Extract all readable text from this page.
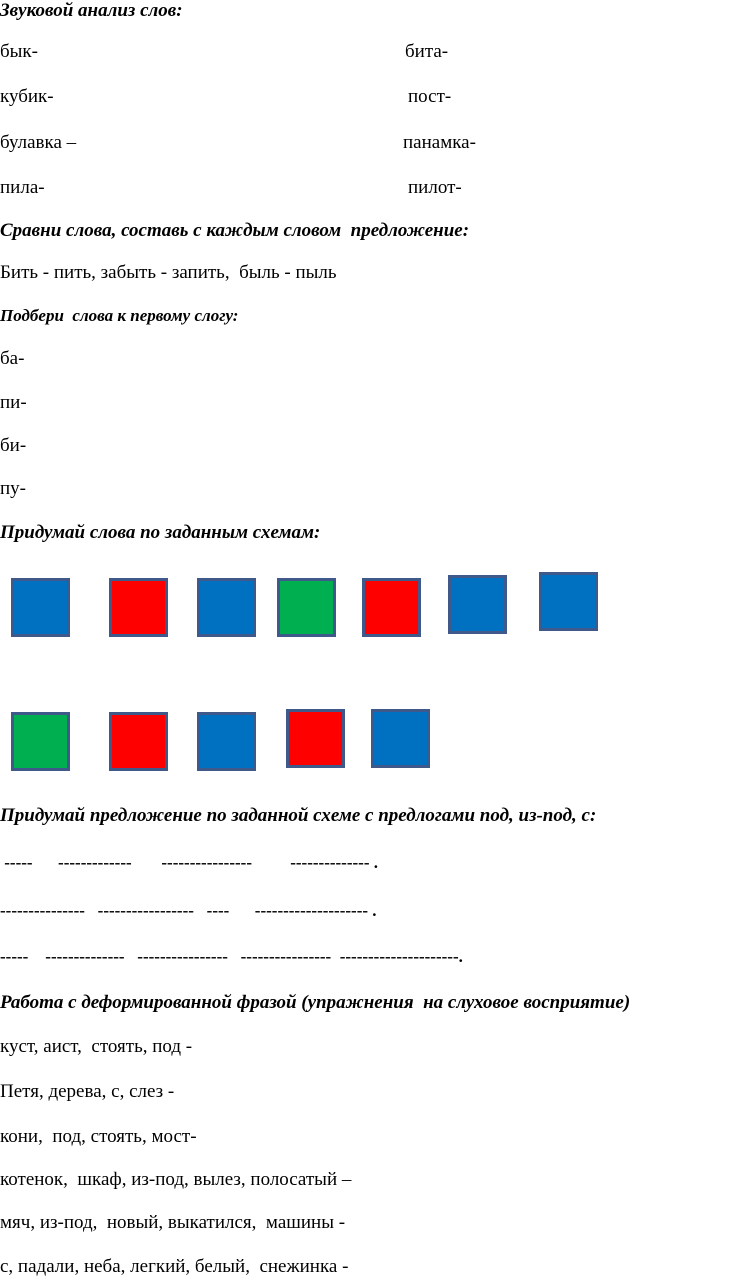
Звуковой анализ слов:
бык-
кубик-
булавка –
пила-
бита-
пост-
панамка-
пилот-
Сравни слова, составь с каждым словом  предложение:
Бить - пить, забыть - запить,  быль - пыль
Подбери  слова к первому слогу:
ба-
пи-
би-
пу-
Придумай слова по заданным схемам:
Придумай предложение по заданной схеме с предлогами под, из-под, с:
-----      -------------       ----------------         -------------- .
---------------   -----------------   ----      -------------------- .
-----    --------------   ----------------   ----------------  ---------------------.
Работа с деформированной фразой (упражнения  на слуховое восприятие)
куст, аист,  стоять, под -
Петя, дерева, с, слез -
кони,  под, стоять, мост-
котенок,  шкаф, из-под, вылез, полосатый –
мяч, из-под,  новый, выкатился,  машины -
с, падали, неба, легкий, белый,  снежинка -
